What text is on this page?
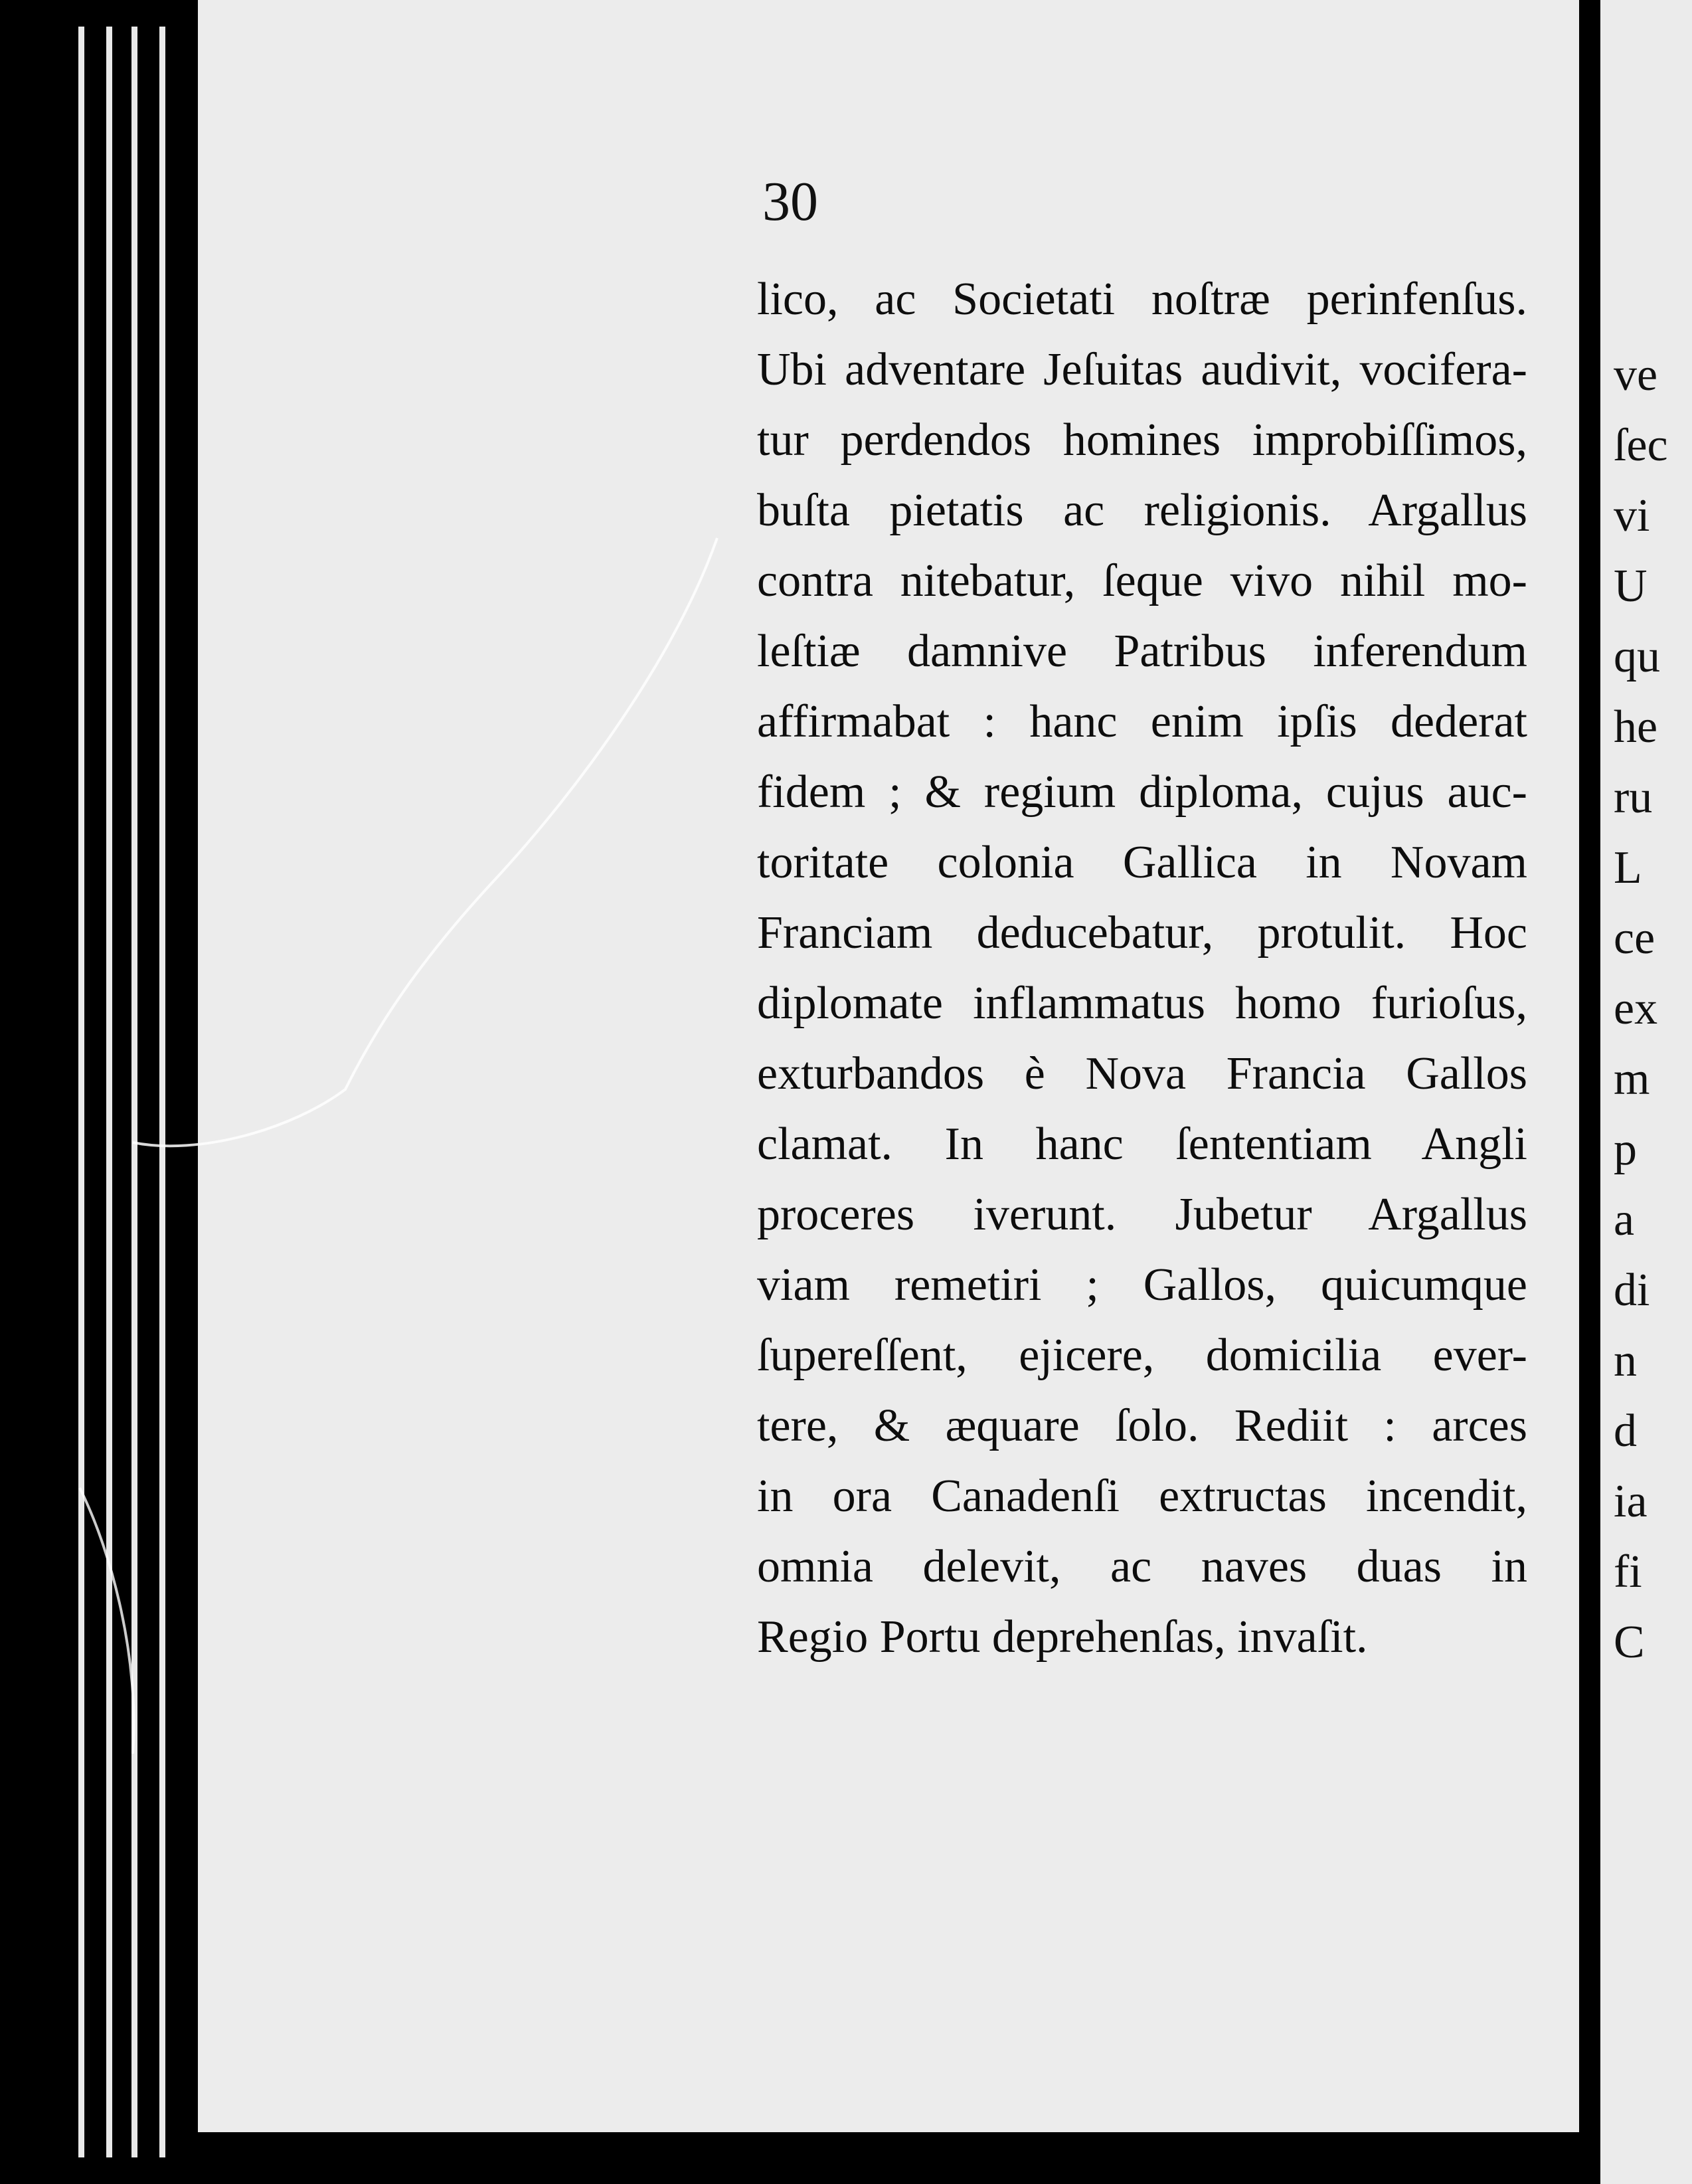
30
lico, ac Societati noſtræ perinfenſus.
Ubi adventare Jeſuitas audivit, vocifera-
tur perdendos homines improbiſſimos,
buſta pietatis ac religionis. Argallus
contra nitebatur, ſeque vivo nihil mo-
leſtiæ damnive Patribus inferendum
affirmabat : hanc enim ipſis dederat
fidem ; & regium diploma, cujus auc-
toritate colonia Gallica in Novam
Franciam deducebatur, protulit. Hoc
diplomate inflammatus homo furioſus,
exturbandos è Nova Francia Gallos
clamat. In hanc ſententiam Angli
proceres iverunt. Jubetur Argallus
viam remetiri ; Gallos, quicumque
ſupereſſent, ejicere, domicilia ever-
tere, & æquare ſolo. Rediit : arces
in ora Canadenſi extructas incendit,
omnia delevit, ac naves duas in
Regio Portu deprehenſas, invaſit.
ve
ſec
vi
U
qu
he
ru
L
ce
ex
m
p
a
di
n
d
ia
fi
C
